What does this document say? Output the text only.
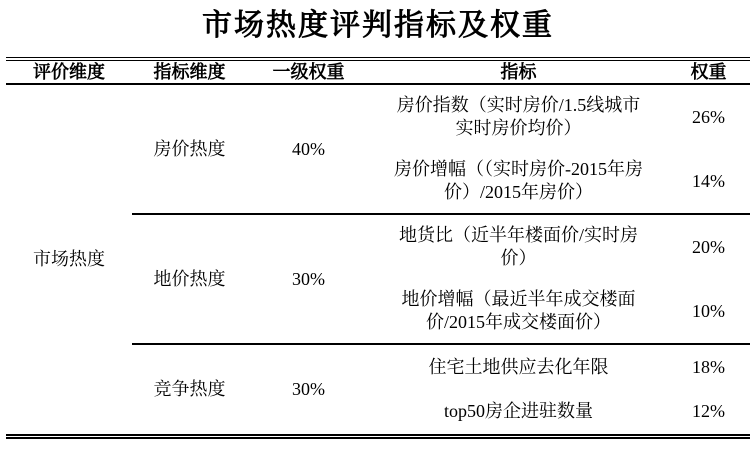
市场热度评判指标及权重
评价维度	指标维度	一级权重	指标	权重
市场热度	房价热度	40%	房价指数（实时房价/1.5线城市实时房价均价）	26%
			房价增幅（（实时房价-2015年房价）/2015年房价）	14%
	地价热度	30%	地货比（近半年楼面价/实时房价）	20%
			地价增幅（最近半年成交楼面价/2015年成交楼面价）	10%
	竞争热度	30%	住宅土地供应去化年限	18%
			top50房企进驻数量	12%
